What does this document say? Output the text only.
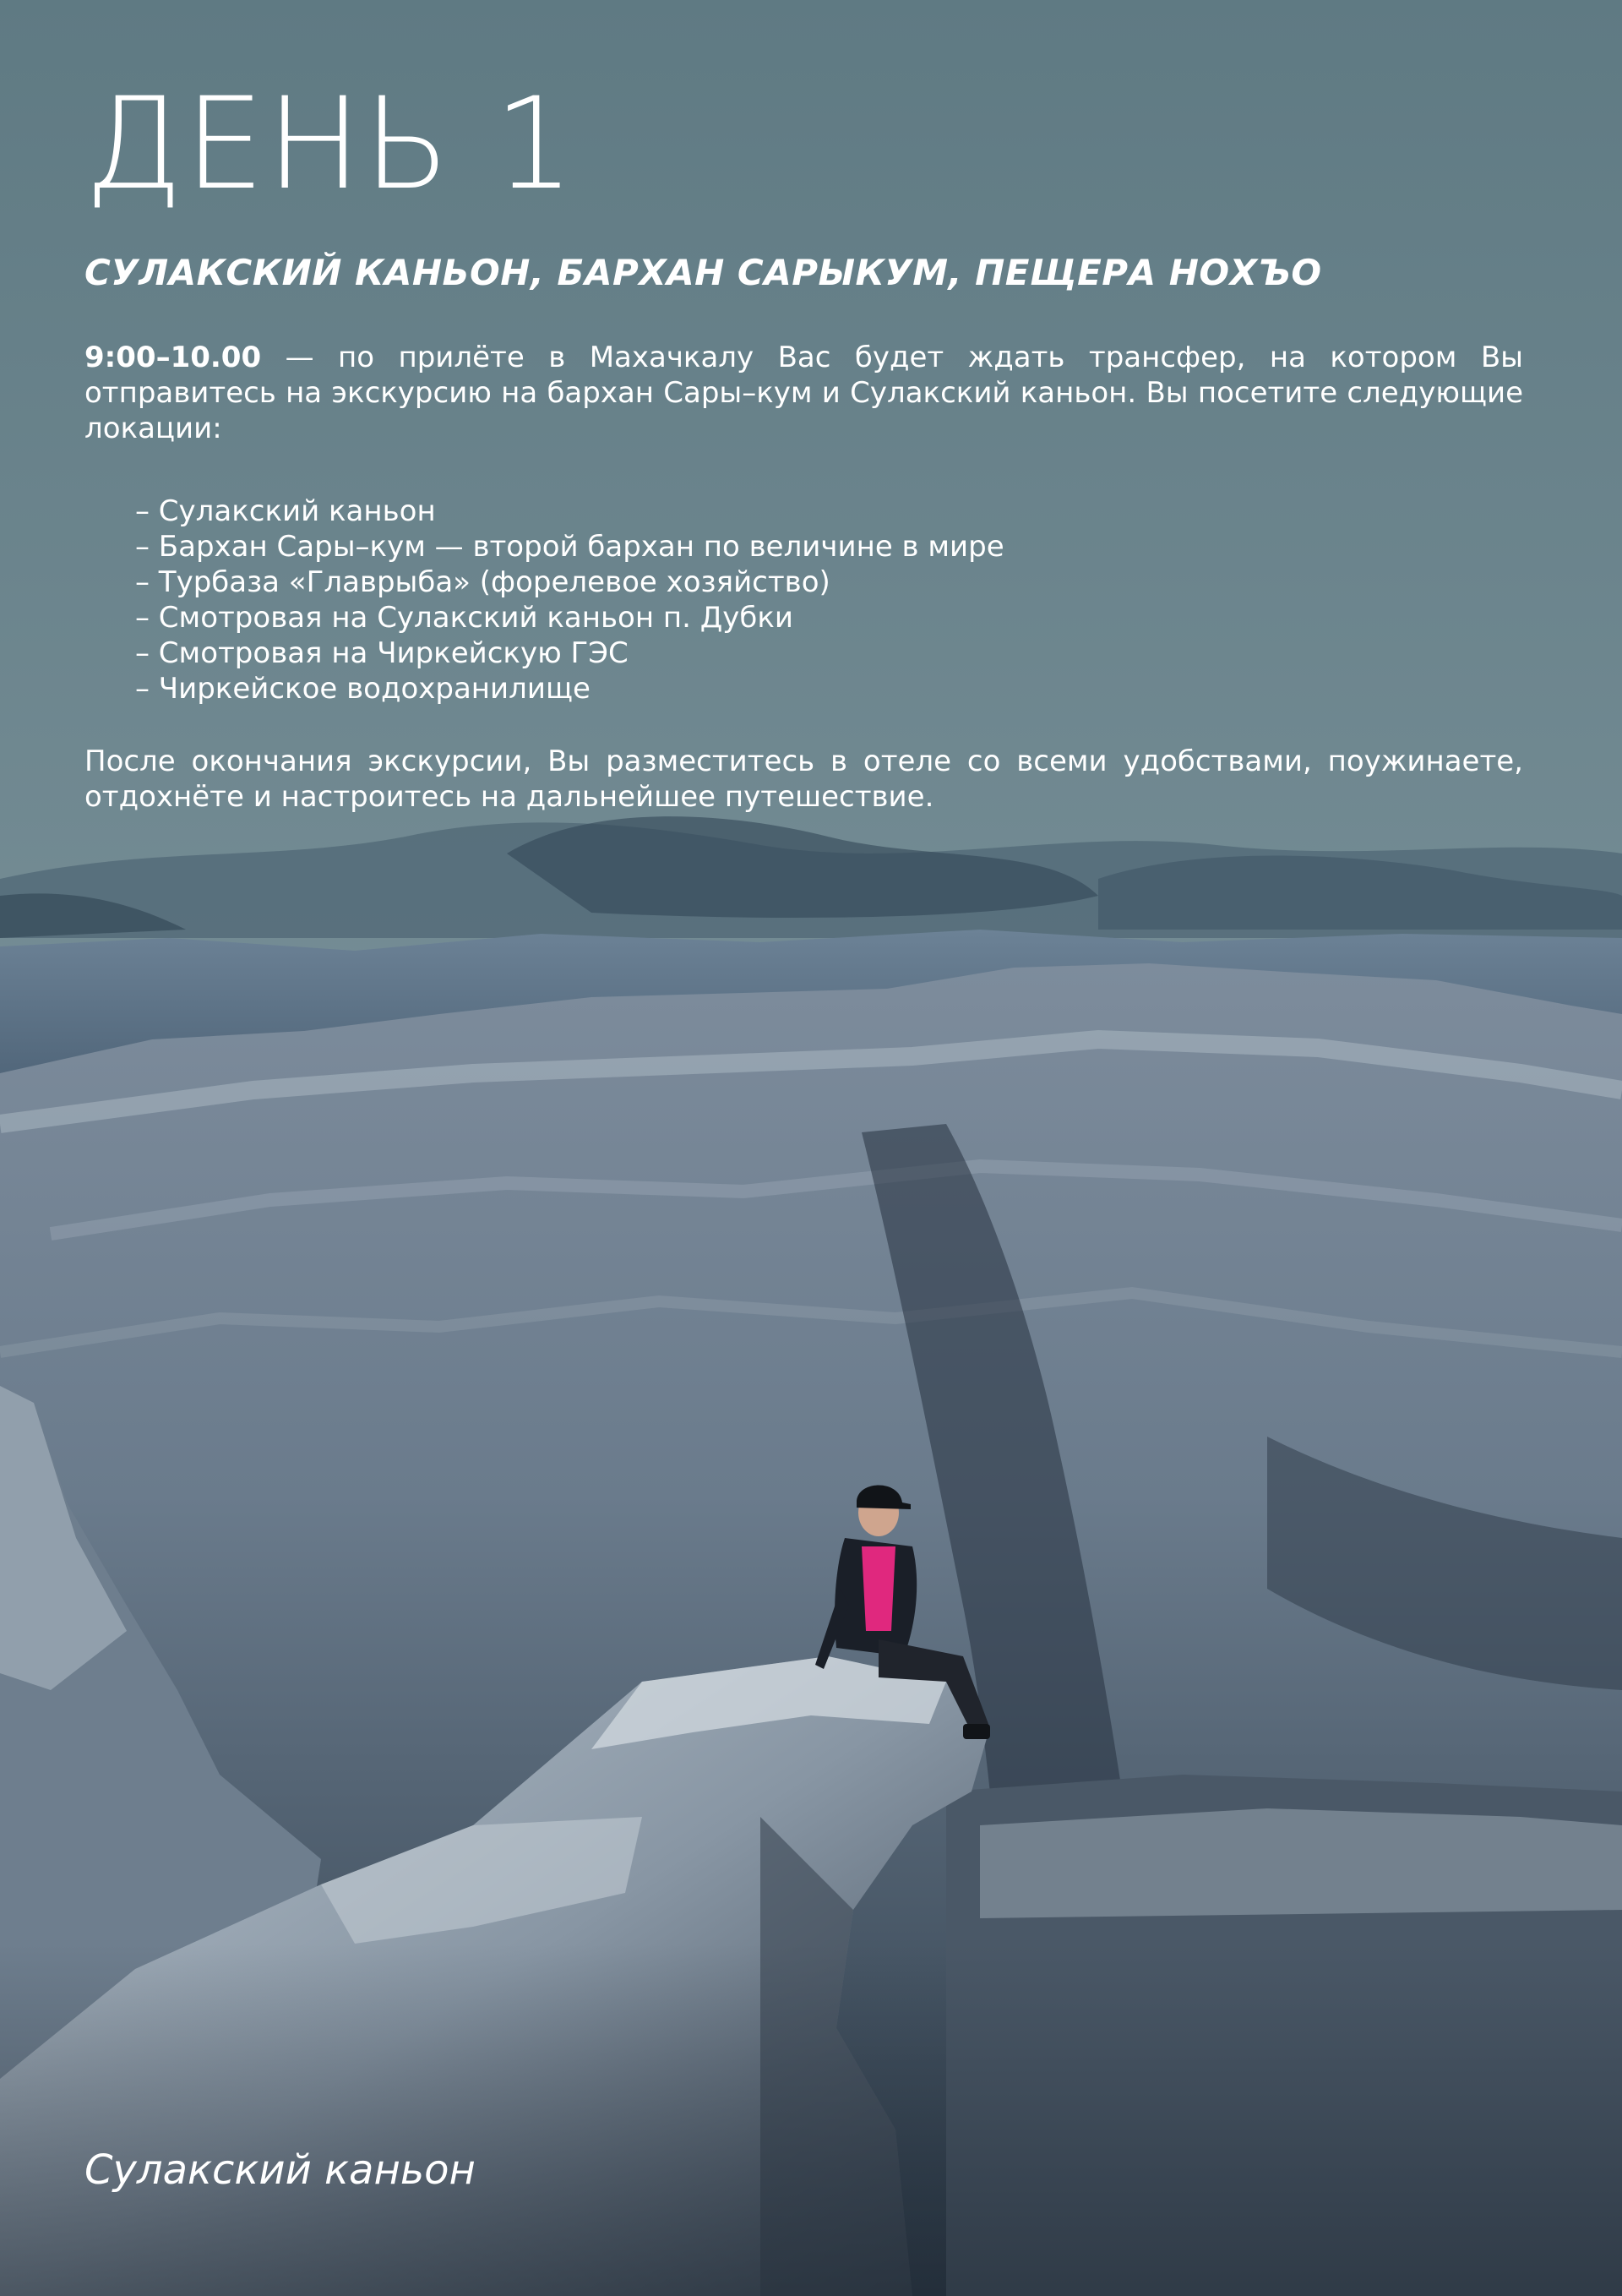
ДЕНЬ 1
СУЛАКСКИЙ КАНЬОН, БАРХАН САРЫКУМ, ПЕЩЕРА НОХЪО

9:00–10.00 — по прилёте в Махачкалу Вас будет ждать трансфер, на котором Вы отправитесь на экскурсию на бархан Сары–кум и Сулакский каньон. Вы посетите следующие локации:

– Сулакский каньон
– Бархан Сары–кум — второй бархан по величине в мире
– Турбаза «Главрыба» (форелевое хозяйство)
– Смотровая на Сулакский каньон п. Дубки
– Смотровая на Чиркейскую ГЭС
– Чиркейское водохранилище

После окончания экскурсии, Вы разместитесь в отеле со всеми удобствами, поужинаете, отдохнёте и настроитесь на дальнейшее путешествие.

Сулакский каньон
